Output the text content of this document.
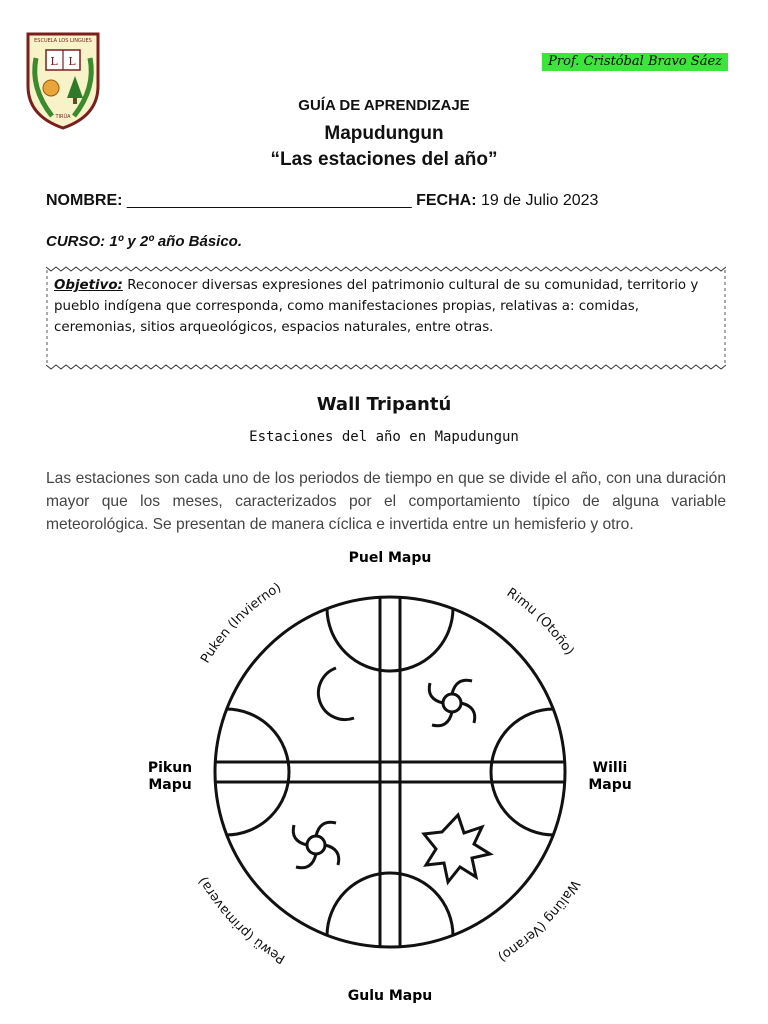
L L
ESCUELA LOS LINGUES
TIRÚA
Prof. Cristóbal Bravo Sáez
GUÍA DE APRENDIZAJE
Mapudungun
“Las estaciones del año”
NOMBRE: ________________________________ FECHA: 19 de Julio 2023
CURSO: 1º y 2º año Básico.
Objetivo: Reconocer diversas expresiones del patrimonio cultural de su comunidad, territorio y pueblo indígena que corresponda, como manifestaciones propias, relativas a: comidas, ceremonias, sitios arqueológicos, espacios naturales, entre otras.
Wall Tripantú
Estaciones del año en Mapudungun
Las estaciones son cada uno de los periodos de tiempo en que se divide el año, con una duración mayor que los meses, caracterizados por el comportamiento típico de alguna variable meteorológica. Se presentan de manera cíclica e invertida entre un hemisferio y otro.
Puel Mapu
Gulu Mapu
Pikun
Mapu
Willi
Mapu
Puken (Invierno)	Rimu (Otoño)
Pewü (primavera)	Walüng (Verano)
